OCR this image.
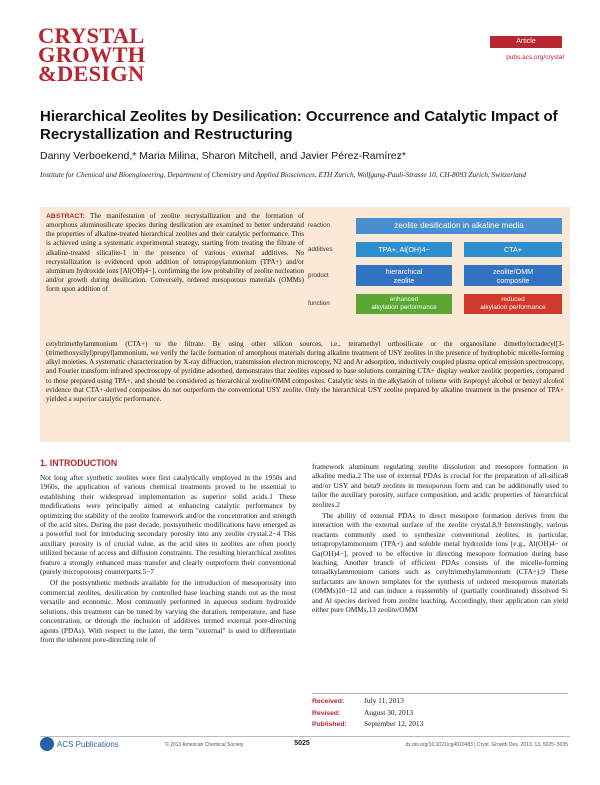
CRYSTAL
GROWTH
&DESIGN
Article
pubs.acs.org/crystal
Hierarchical Zeolites by Desilication: Occurrence and Catalytic Impact of Recrystallization and Restructuring
Danny Verboekend,* Maria Milina, Sharon Mitchell, and Javier Pérez-Ramírez*
Institute for Chemical and Bioengineering, Department of Chemistry and Applied Biosciences, ETH Zurich, Wolfgang-Pauli-Strasse 10, CH-8093 Zurich, Switzerland
ABSTRACT: The manifestation of zeolite recrystallization and the formation of amorphous aluminosilicate species during desilication are examined to better understand the properties of alkaline-treated hierarchical zeolites and their catalytic performance. This is achieved using a systematic experimental strategy, starting from treating the filtrate of alkaline-treated silicalite-1 in the presence of various external additives. No recrystallization is evidenced upon addition of tetrapropylammonium (TPA+) and/or aluminum hydroxide ions [Al(OH)4−], confirming the low probability of zeolite nucleation and/or growth during desilication. Conversely, ordered mesoporous materials (OMMs) form upon addition of
cetyltrimethylammonium (CTA+) to the filtrate. By using other silicon sources, i.e., tetramethyl orthosilicate or the organosilane dimethyloctadecyl[3-(trimethoxysilyl)propyl]ammonium, we verify the facile formation of amorphous materials during alkaline treatment of USY zeolites in the presence of hydrophobic micelle-forming alkyl moieties. A systematic characterization by X-ray diffraction, transmission electron microscopy, N2 and Ar adsorption, inductively coupled plasma optical emission spectroscopy, and Fourier transform infrared spectroscopy of pyridine adsorbed, demonstrates that zeolites exposed to base solutions containing CTA+ display weaker zeolitic properties, compared to those prepared using TPA+, and should be considered as hierarchical zeolite/OMM composites. Catalytic tests in the alkylation of toluene with isopropyl alcohol or benzyl alcohol evidence that CTA+-derived composites do not outperform the conventional USY zeolite. Only the hierarchical USY zeolite prepared by alkaline treatment in the presence of TPA+ yielded a superior catalytic performance.
reaction
additives
product
function
zeolite desilication in alkaline media
TPA+, Al(OH)4−	CTA+
hierarchical
zeolite
zeolite/OMM
composite
enhanced
alkylation performance
reduced
alkylation performance
1. INTRODUCTION

Not long after synthetic zeolites were first catalytically employed in the 1950s and 1960s, the application of various chemical treatments proved to be essential to establishing their widespread implementation as superior solid acids.1 These modifications were principally aimed at enhancing catalytic performance by optimizing the stability of the zeolite framework and/or the concentration and strength of the acid sites. During the past decade, postsynthetic modifications have emerged as a powerful tool for introducing secondary porosity into any zeolite crystal.2−4 This auxiliary porosity is of crucial value, as the acid sites in zeolites are often poorly utilized because of access and diffusion constraints. The resulting hierarchical zeolites feature a strongly enhanced mass transfer and clearly outperform their conventional (purely microporous) counterparts.5−7

Of the postsynthetic methods available for the introduction of mesoporosity into commercial zeolites, desilication by controlled base leaching stands out as the most versatile and economic. Most commonly performed in aqueous sodium hydroxide solutions, this treatment can be tuned by varying the duration, temperature, and base concentration, or through the inclusion of additives termed external pore-directing agents (PDAs). With respect to the latter, the term "external" is used to differentiate from the inherent pore-directing role of

framework aluminum regulating zeolite dissolution and mesopore formation in alkaline media.2 The use of external PDAs is crucial for the preparation of all-silica8 and/or USY and beta9 zeolites in mesoporous form and can be additionally used to tailor the auxiliary porosity, surface composition, and acidic properties of hierarchical zeolites.2

The ability of external PDAs to direct mesopore formation derives from the interaction with the external surface of the zeolite crystal.8,9 Interestingly, various reactants commonly used to synthesize conventional zeolites, in particular, tetrapropylammonium (TPA+) and soluble metal hydroxide ions [e.g., Al(OH)4− or Ga(OH)4−], proved to be effective in directing mesopore formation during base leaching. Another branch of efficient PDAs consists of the micelle-forming tetraalkylammonium cations such as cetyltrimethylammonium (CTA+).9 These surfactants are known templates for the synthesis of ordered mesoporous materials (OMMs)10−12 and can induce a reassembly of (partially coordinated) dissolved Si and Al species derived from zeolite leaching. Accordingly, their application can yield either pure OMMs,13 zeolite/OMM

Received:	July 11, 2013
Revised:	August 30, 2013
Published: September 12, 2013
ACS Publications	© 2013 American Chemical Society	5025	dx.doi.org/10.1021/cg4010483 | Cryst. Growth Des. 2013, 13, 5025−5035
